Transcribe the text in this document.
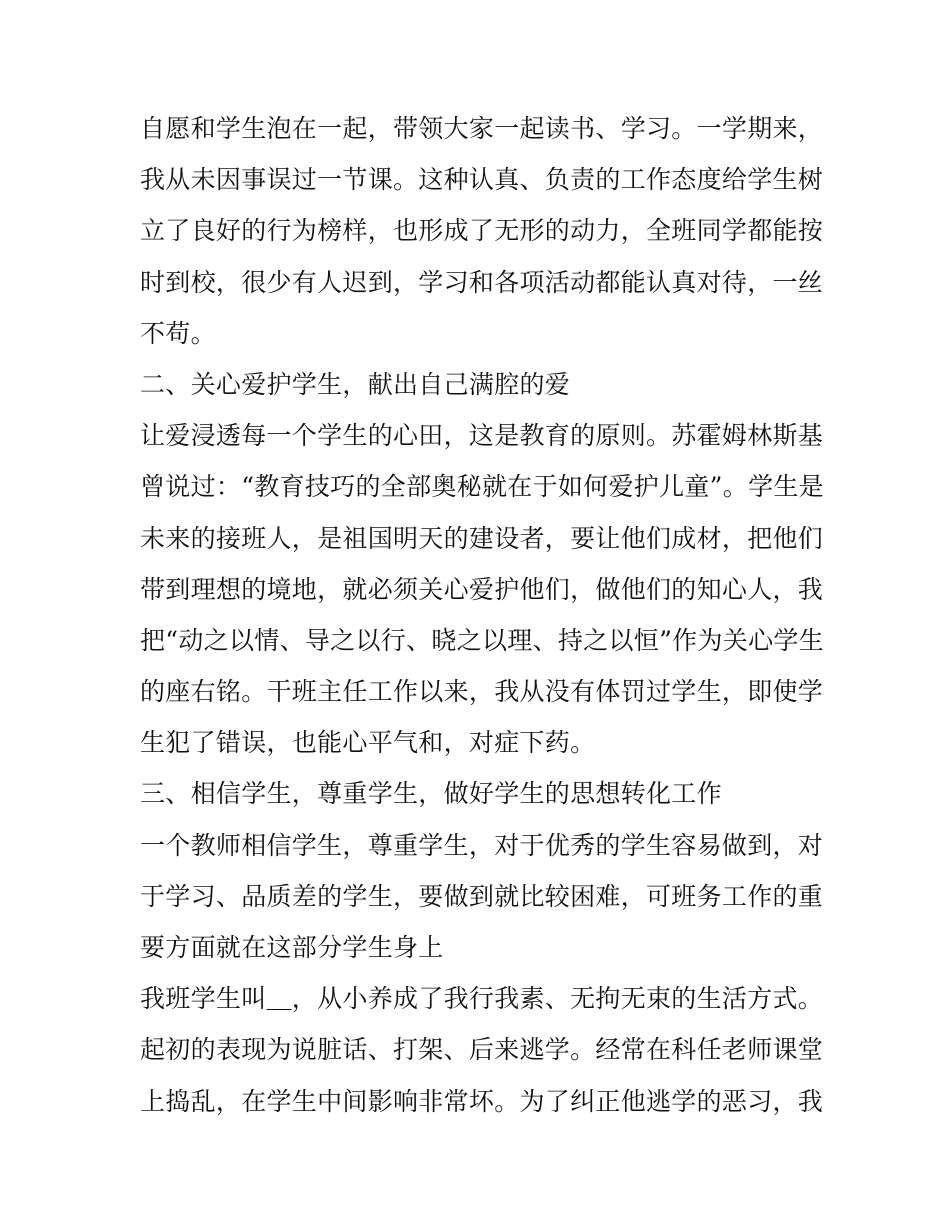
自愿和学生泡在一起，带领大家一起读书、学习。一学期来，
我从未因事误过一节课。这种认真、负责的工作态度给学生树
立了良好的行为榜样，也形成了无形的动力，全班同学都能按
时到校，很少有人迟到，学习和各项活动都能认真对待，一丝
不苟。
二、关心爱护学生，献出自己满腔的爱
让爱浸透每一个学生的心田，这是教育的原则。苏霍姆林斯基
曾说过：“教育技巧的全部奥秘就在于如何爱护儿童”。学生是
未来的接班人，是祖国明天的建设者，要让他们成材，把他们
带到理想的境地，就必须关心爱护他们，做他们的知心人，我
把“动之以情、导之以行、晓之以理、持之以恒”作为关心学生
的座右铭。干班主任工作以来，我从没有体罚过学生，即使学
生犯了错误，也能心平气和，对症下药。
三、相信学生，尊重学生，做好学生的思想转化工作
一个教师相信学生，尊重学生，对于优秀的学生容易做到，对
于学习、品质差的学生，要做到就比较困难，可班务工作的重
要方面就在这部分学生身上
我班学生叫＿，从小养成了我行我素、无拘无束的生活方式。
起初的表现为说脏话、打架、后来逃学。经常在科任老师课堂
上捣乱，在学生中间影响非常坏。为了纠正他逃学的恶习，我
